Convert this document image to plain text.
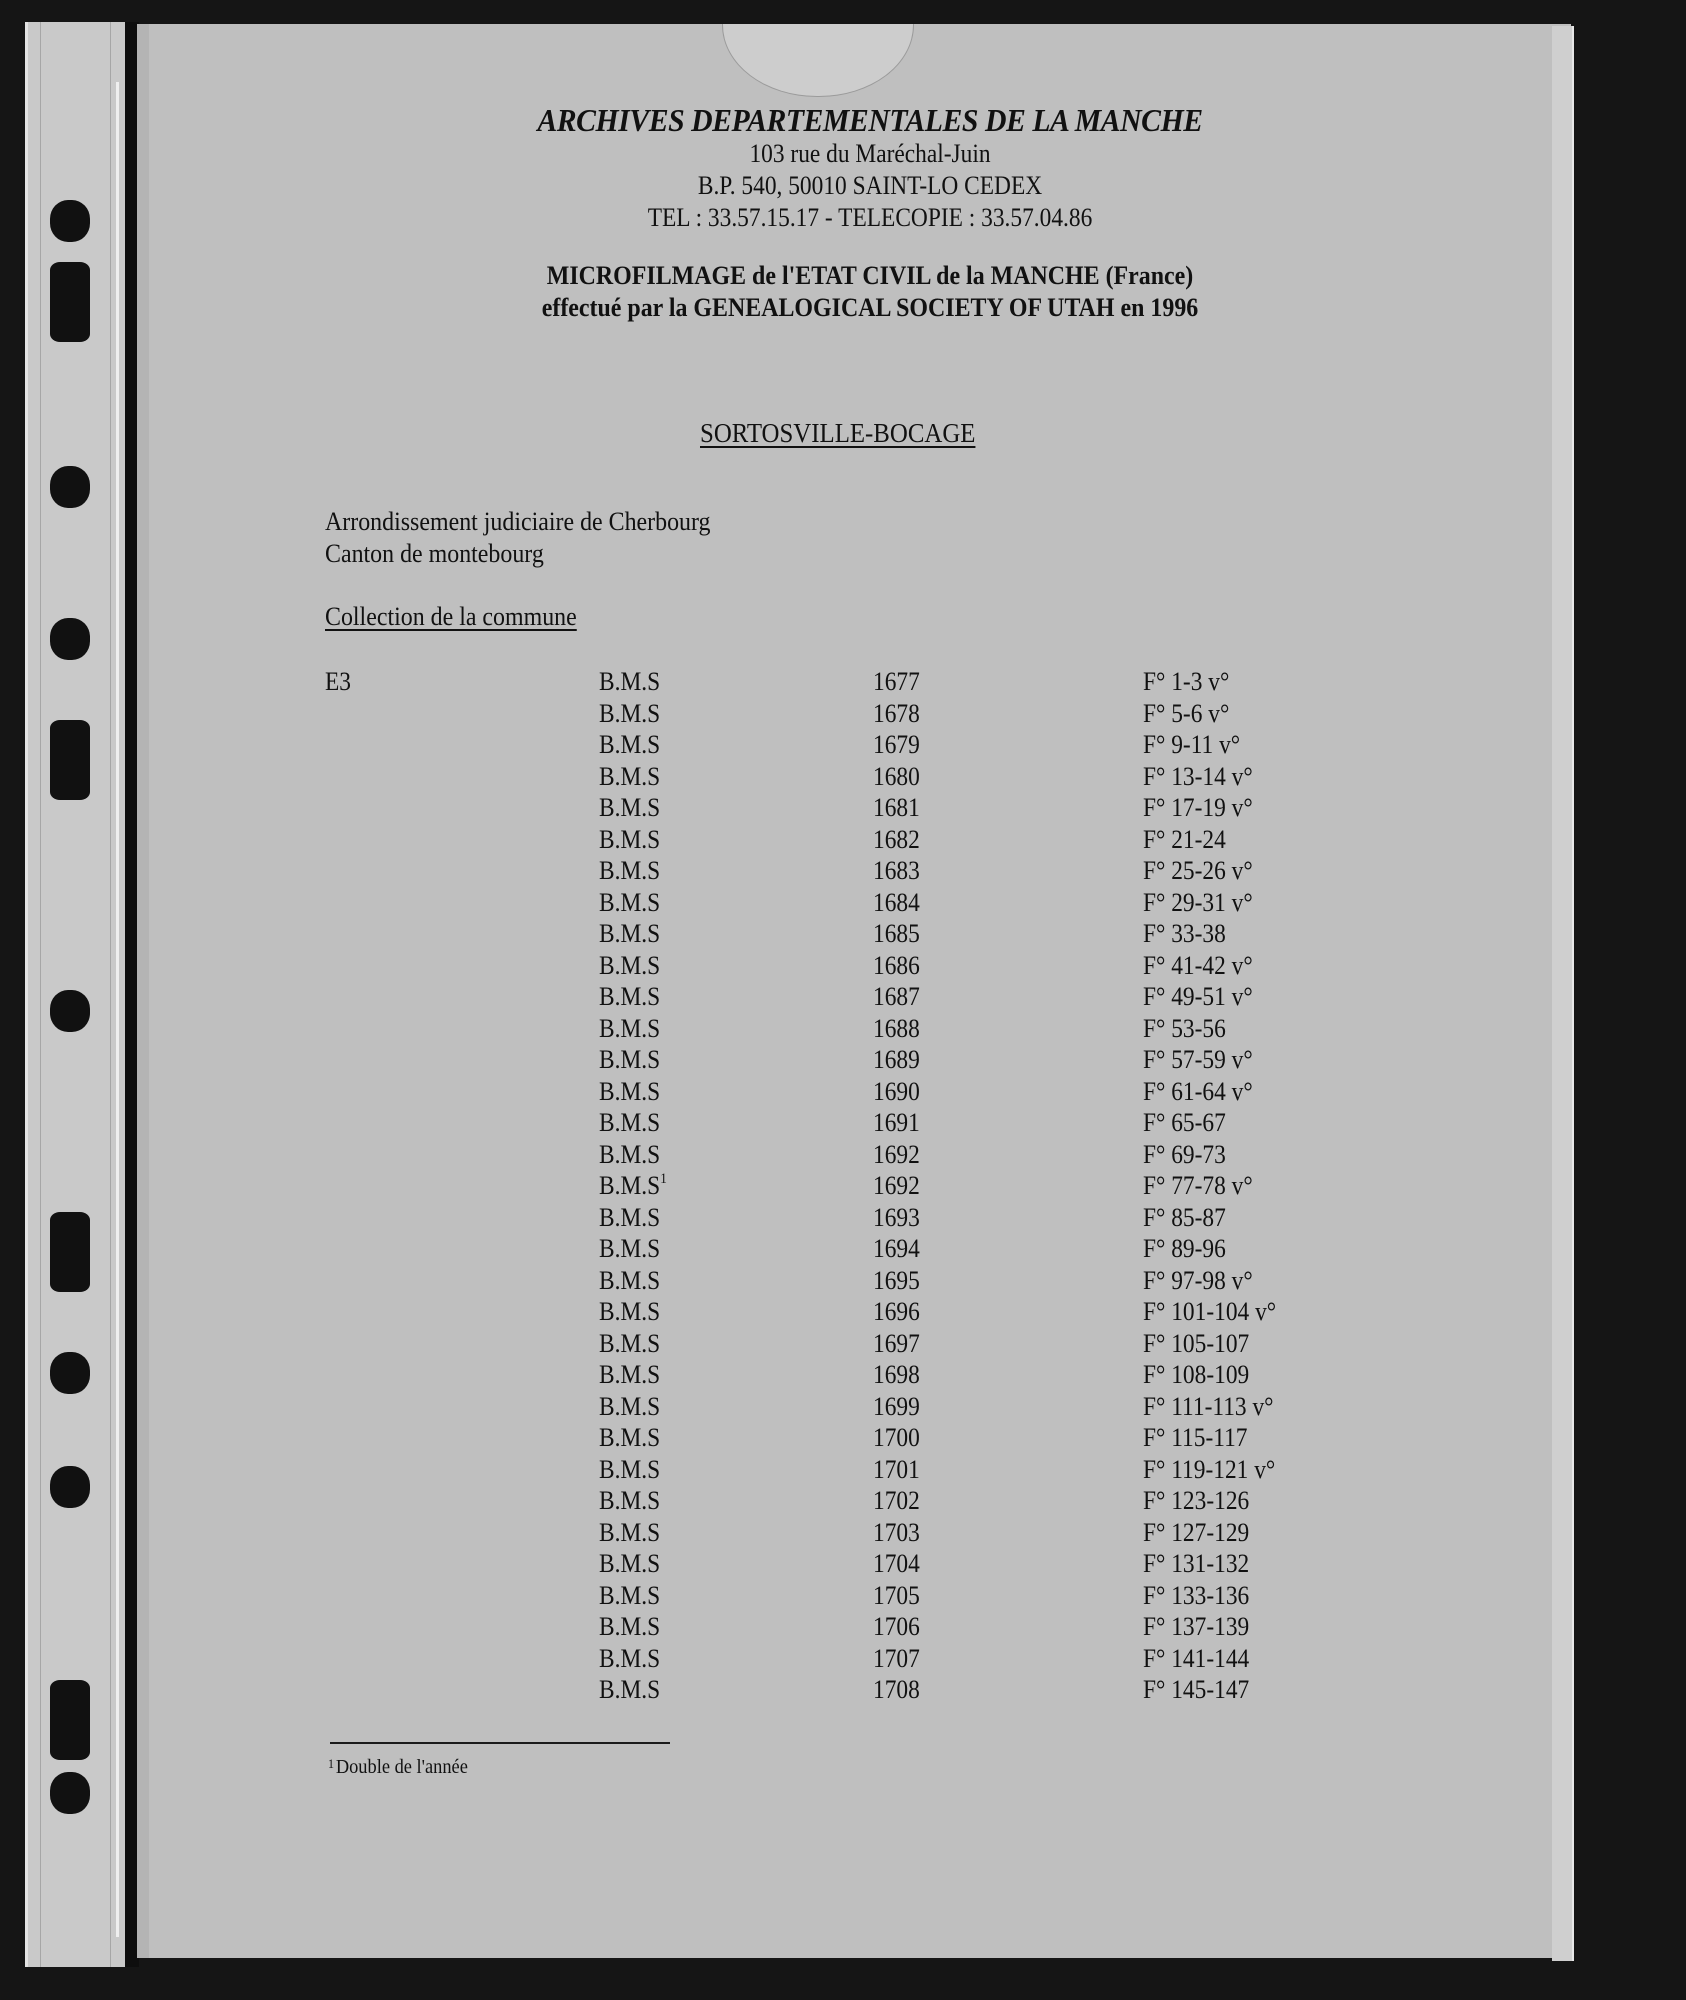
ARCHIVES DEPARTEMENTALES DE LA MANCHE
103 rue du Maréchal-Juin
B.P. 540, 50010 SAINT-LO CEDEX
TEL : 33.57.15.17 - TELECOPIE : 33.57.04.86
MICROFILMAGE de l'ETAT CIVIL de la MANCHE (France)
effectué par la GENEALOGICAL SOCIETY OF UTAH en 1996
SORTOSVILLE-BOCAGE
Arrondissement judiciaire de Cherbourg
Canton de montebourg
Collection de la commune
E3	B.M.S	1677	F° 1-3 v°
B.M.S	1678	F° 5-6 v°
B.M.S	1679	F° 9-11 v°
B.M.S	1680	F° 13-14 v°
B.M.S	1681	F° 17-19 v°
B.M.S	1682	F° 21-24
B.M.S	1683	F° 25-26 v°
B.M.S	1684	F° 29-31 v°
B.M.S	1685	F° 33-38
B.M.S	1686	F° 41-42 v°
B.M.S	1687	F° 49-51 v°
B.M.S	1688	F° 53-56
B.M.S	1689	F° 57-59 v°
B.M.S	1690	F° 61-64 v°
B.M.S	1691	F° 65-67
B.M.S	1692	F° 69-73
B.M.S$^1$	1692	F° 77-78 v°
B.M.S	1693	F° 85-87
B.M.S	1694	F° 89-96
B.M.S	1695	F° 97-98 v°
B.M.S	1696	F° 101-104 v°
B.M.S	1697	F° 105-107
B.M.S	1698	F° 108-109
B.M.S	1699	F° 111-113 v°
B.M.S	1700	F° 115-117
B.M.S	1701	F° 119-121 v°
B.M.S	1702	F° 123-126
B.M.S	1703	F° 127-129
B.M.S	1704	F° 131-132
B.M.S	1705	F° 133-136
B.M.S	1706	F° 137-139
B.M.S	1707	F° 141-144
B.M.S	1708	F° 145-147
$^1$Double de l'année
